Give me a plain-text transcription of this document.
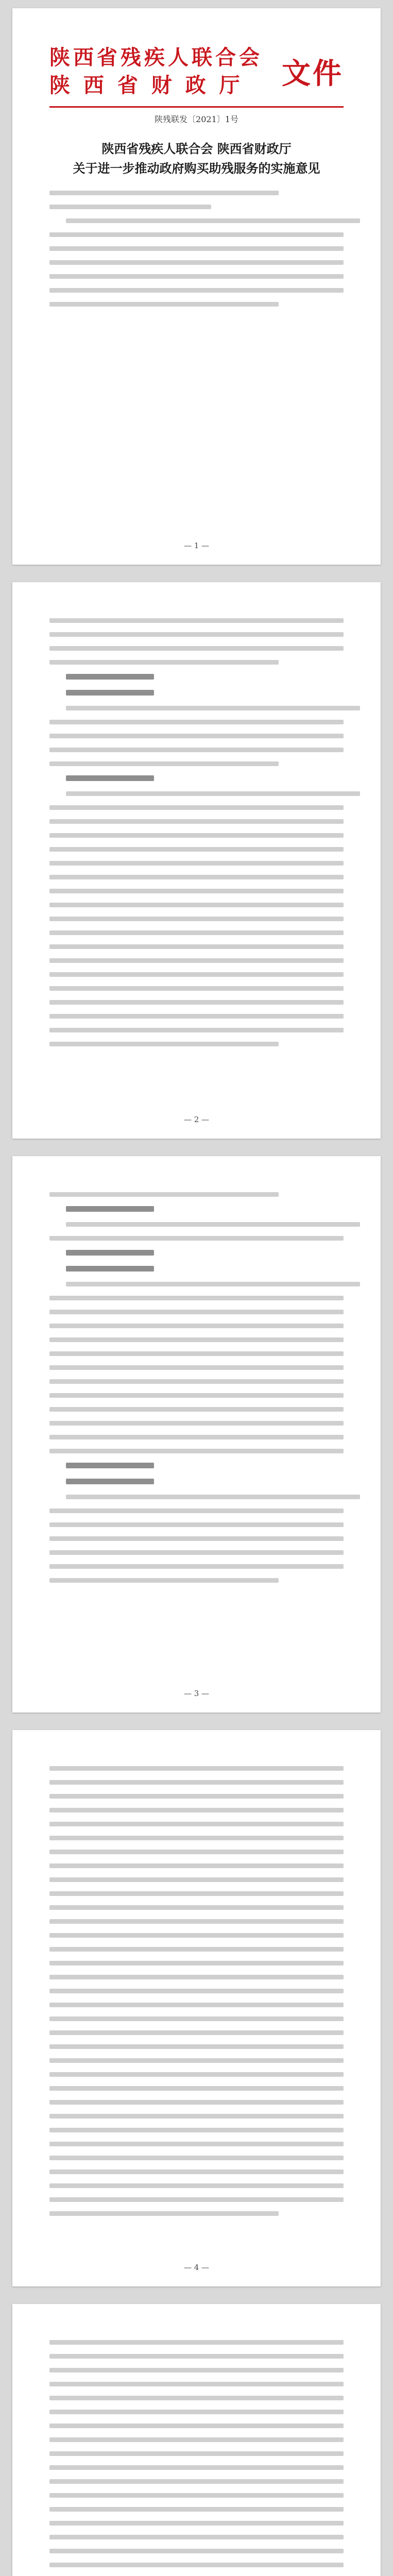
陕西省残疾人联合会
陕 西 省 财 政 厅	文件
陕残联发〔2021〕1号
陕西省残疾人联合会 陕西省财政厅
关于进一步推动政府购买助残服务的实施意见
— 1 —
— 2 —
— 3 —
— 4 —
